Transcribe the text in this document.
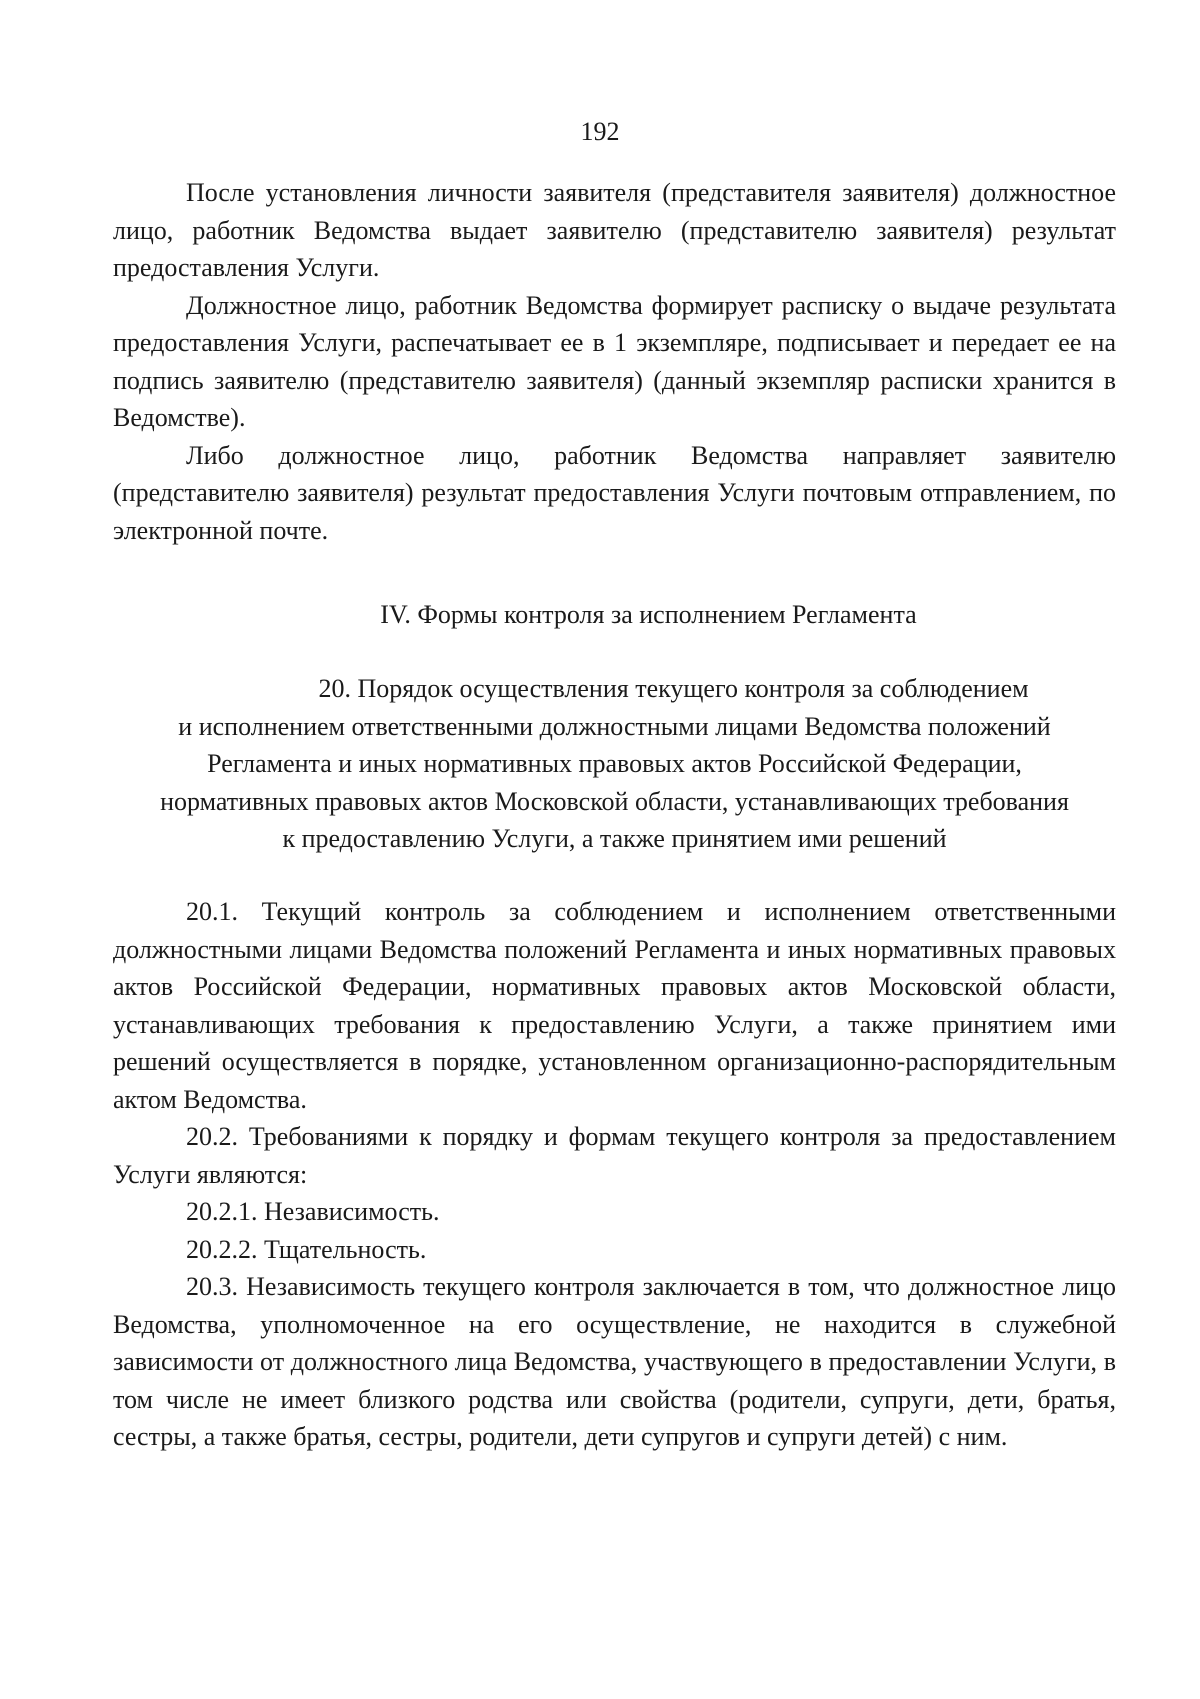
192

После установления личности заявителя (представителя заявителя) должностное лицо, работник Ведомства выдает заявителю (представителю заявителя) результат предоставления Услуги.

Должностное лицо, работник Ведомства формирует расписку о выдаче результата предоставления Услуги, распечатывает ее в 1 экземпляре, подписывает и передает ее на подпись заявителю (представителю заявителя) (данный экземпляр расписки хранится в Ведомстве).

Либо должностное лицо, работник Ведомства направляет заявителю (представителю заявителя) результат предоставления Услуги почтовым отправлением, по электронной почте.

IV. Формы контроля за исполнением Регламента
20. Порядок осуществления текущего контроля за соблюдением
и исполнением ответственными должностными лицами Ведомства положений
Регламента и иных нормативных правовых актов Российской Федерации,
нормативных правовых актов Московской области, устанавливающих требования
к предоставлению Услуги, а также принятием ими решений

20.1. Текущий контроль за соблюдением и исполнением ответственными должностными лицами Ведомства положений Регламента и иных нормативных правовых актов Российской Федерации, нормативных правовых актов Московской области, устанавливающих требования к предоставлению Услуги, а также принятием ими решений осуществляется в порядке, установленном организационно-распорядительным актом Ведомства.

20.2. Требованиями к порядку и формам текущего контроля за предоставлением Услуги являются:

20.2.1. Независимость.

20.2.2. Тщательность.

20.3. Независимость текущего контроля заключается в том, что должностное лицо Ведомства, уполномоченное на его осуществление, не находится в служебной зависимости от должностного лица Ведомства, участвующего в предоставлении Услуги, в том числе не имеет близкого родства или свойства (родители, супруги, дети, братья, сестры, а также братья, сестры, родители, дети супругов и супруги детей) с ним.
